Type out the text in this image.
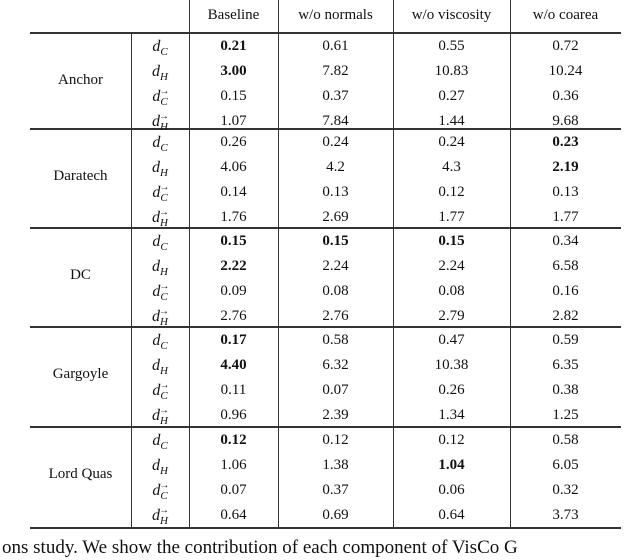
Baseline	w/o normals	w/o viscosity	w/o coarea
Anchor
$d_C$	0.21	0.61	0.55	0.72
$d_H$	3.00	7.82	10.83	10.24
d→ $_C$	0.15	0.37	0.27	0.36
d→ $_H$	1.07	7.84	1.44	9.68
Daratech
$d_C$	0.26	0.24	0.24	0.23
$d_H$	4.06	4.2	4.3	2.19
d→ $_C$	0.14	0.13	0.12	0.13
d→ $_H$	1.76	2.69	1.77	1.77
DC
$d_C$	0.15	0.15	0.15	0.34
$d_H$	2.22	2.24	2.24	6.58
d→ $_C$	0.09	0.08	0.08	0.16
d→ $_H$	2.76	2.76	2.79	2.82
Gargoyle
$d_C$	0.17	0.58	0.47	0.59
$d_H$	4.40	6.32	10.38	6.35
d→ $_C$	0.11	0.07	0.26	0.38
d→ $_H$	0.96	2.39	1.34	1.25
Lord Quas
$d_C$	0.12	0.12	0.12	0.58
$d_H$	1.06	1.38	1.04	6.05
d→ $_C$	0.07	0.37	0.06	0.32
d→ $_H$	0.64	0.69	0.64	3.73
ons study. We show the contribution of each component of VisCo G
